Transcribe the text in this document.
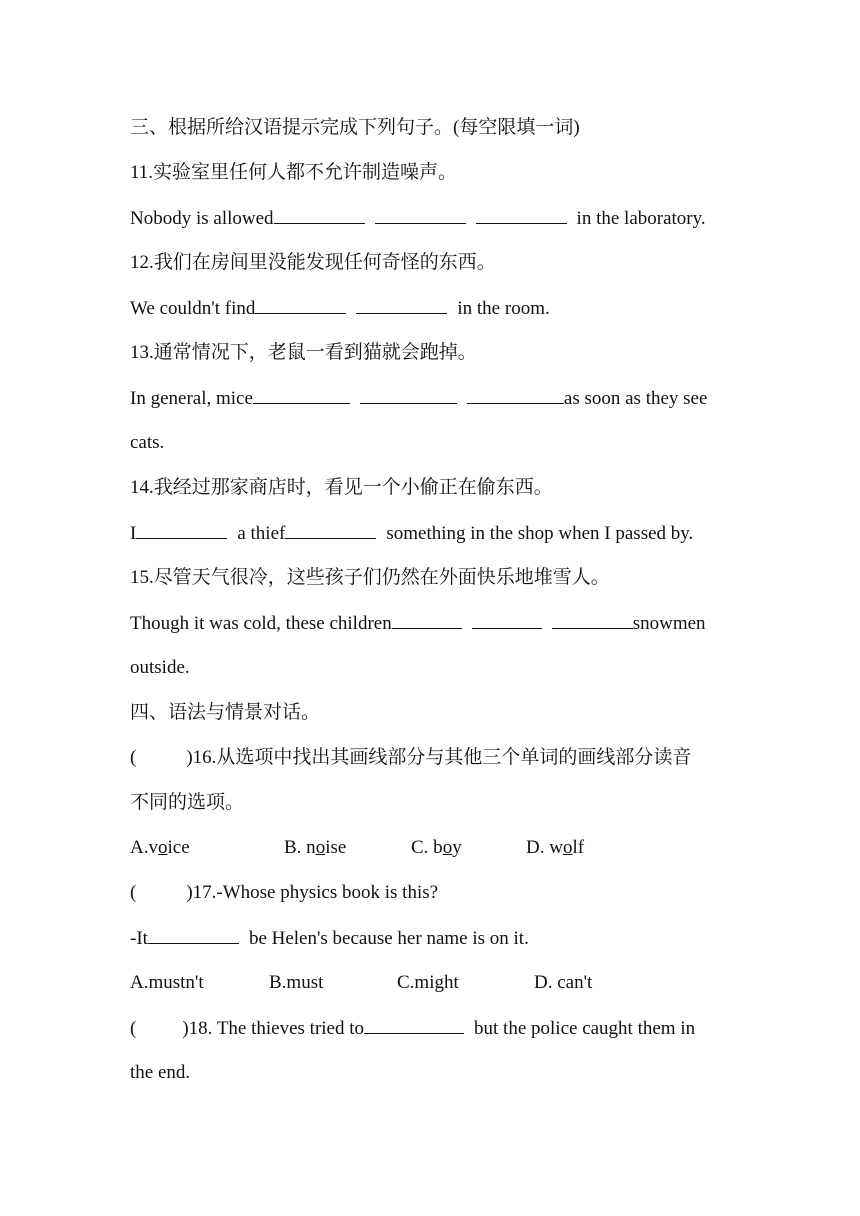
三、根据所给汉语提示完成下列句子。(每空限填一词)
11.实验室里任何人都不允许制造噪声。
Nobody is allowed	in the laboratory.
12.我们在房间里没能发现任何奇怪的东西。
We couldn't find	in the room.
13.通常情况下，老鼠一看到猫就会跑掉。
In general, mice	as soon as they see
cats.
14.我经过那家商店时，看见一个小偷正在偷东西。
I	a thief	something in the shop when I passed by.
15.尽管天气很冷，这些孩子们仍然在外面快乐地堆雪人。
Though it was cold, these children	snowmen
outside.
四、语法与情景对话。
(	)16.从选项中找出其画线部分与其他三个单词的画线部分读音
不同的选项。
A.voice	B. noise	C. boy	D. wolf
(	)17.-Whose physics book is this?
-It	be Helen's because her name is on it.
A.mustn't	B.must	C.might	D. can't
( )18. The thieves tried to	but the police caught them in
the end.
